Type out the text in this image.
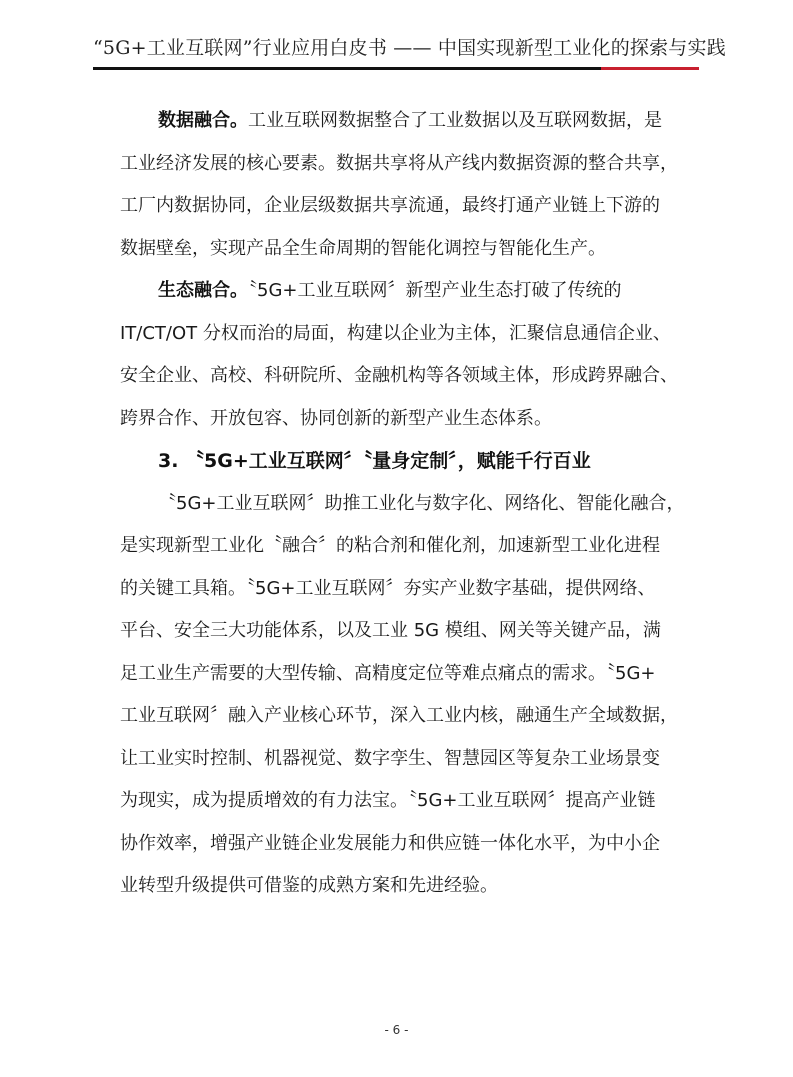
“5G+工业互联网”行业应用白皮书 —— 中国实现新型工业化的探索与实践

数据融合。工业互联网数据整合了工业数据以及互联网数据，是

工业经济发展的核心要素。数据共享将从产线内数据资源的整合共享，

工厂内数据协同，企业层级数据共享流通，最终打通产业链上下游的

数据壁垒，实现产品全生命周期的智能化调控与智能化生产。

生态融合。〝5G+工业互联网〞新型产业生态打破了传统的

IT/CT/OT 分权而治的局面，构建以企业为主体，汇聚信息通信企业、

安全企业、高校、科研院所、金融机构等各领域主体，形成跨界融合、

跨界合作、开放包容、协同创新的新型产业生态体系。

3. 〝5G+工业互联网〞〝量身定制〞，赋能千行百业

〝5G+工业互联网〞助推工业化与数字化、网络化、智能化融合，

是实现新型工业化〝融合〞的粘合剂和催化剂，加速新型工业化进程

的关键工具箱。〝5G+工业互联网〞夯实产业数字基础，提供网络、

平台、安全三大功能体系，以及工业 5G 模组、网关等关键产品，满

足工业生产需要的大型传输、高精度定位等难点痛点的需求。〝5G+

工业互联网〞融入产业核心环节，深入工业内核，融通生产全域数据，

让工业实时控制、机器视觉、数字孪生、智慧园区等复杂工业场景变

为现实，成为提质增效的有力法宝。〝5G+工业互联网〞提高产业链

协作效率，增强产业链企业发展能力和供应链一体化水平，为中小企

业转型升级提供可借鉴的成熟方案和先进经验。

- 6 -
